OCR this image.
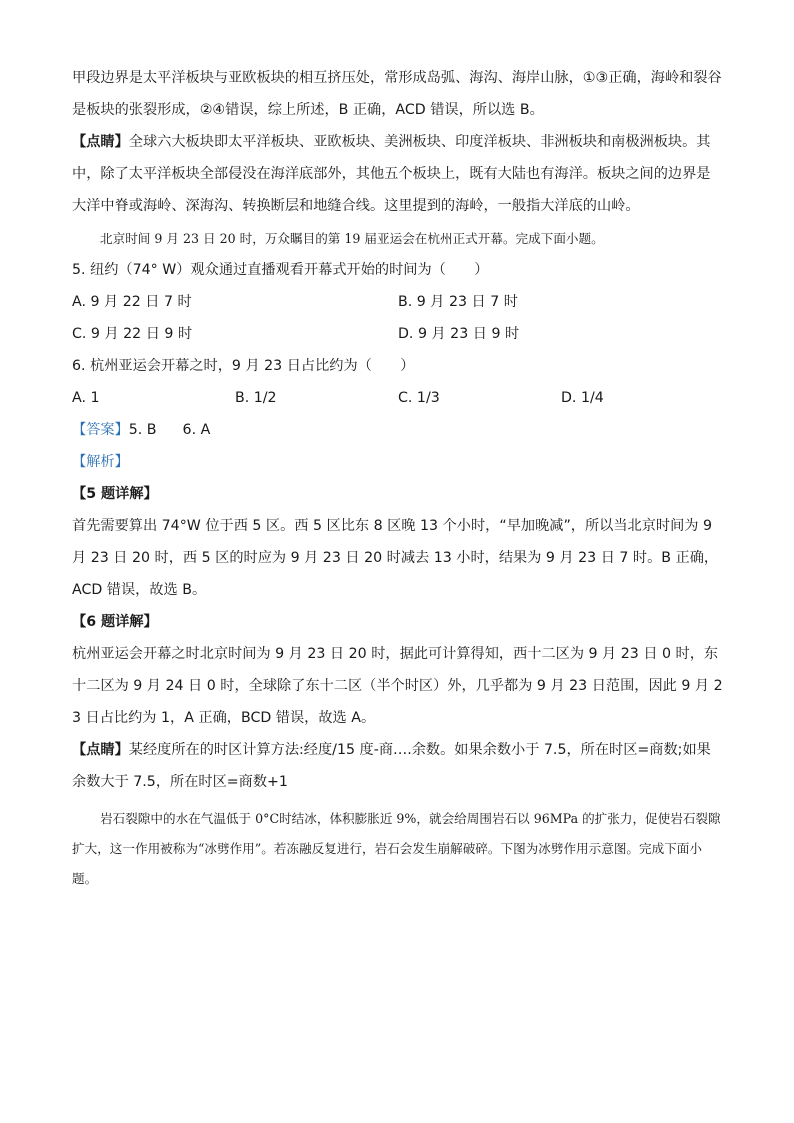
甲段边界是太平洋板块与亚欧板块的相互挤压处，常形成岛弧、海沟、海岸山脉，①③正确，海岭和裂谷
是板块的张裂形成，②④错误，综上所述，B 正确，ACD 错误，所以选 B。

【点睛】全球六大板块即太平洋板块、亚欧板块、美洲板块、印度洋板块、非洲板块和南极洲板块。其中，除了太平洋板块全部侵没在海洋底部外，其他五个板块上，既有大陆也有海洋。板块之间的边界是大洋中脊或海岭、深海沟、转换断层和地缝合线。这里提到的海岭，一般指大洋底的山岭。

北京时间 9 月 23 日 20 时，万众瞩目的第 19 届亚运会在杭州正式开幕。完成下面小题。

5. 纽约（74° W）观众通过直播观看开幕式开始的时间为（　　）

A. 9 月 22 日 7 时	B. 9 月 23 日 7 时
C. 9 月 22 日 9 时	D. 9 月 23 日 9 时

6. 杭州亚运会开幕之时，9 月 23 日占比约为（　　）

A. 1	B. 1/2	C. 1/3	D. 1/4

【答案】5. B 6. A

【解析】

【5 题详解】

首先需要算出 74°W 位于西 5 区。西 5 区比东 8 区晚 13 个小时，“早加晚减”，所以当北京时间为 9 月 23 日 20 时，西 5 区的时应为 9 月 23 日 20 时减去 13 小时，结果为 9 月 23 日 7 时。B 正确，ACD 错误，故选 B。

【6 题详解】

杭州亚运会开幕之时北京时间为 9 月 23 日 20 时，据此可计算得知，西十二区为 9 月 23 日 0 时，东十二区为 9 月 24 日 0 时，全球除了东十二区（半个时区）外，几乎都为 9 月 23 日范围，因此 9 月 23 日占比约为 1，A 正确，BCD 错误，故选 A。

【点睛】某经度所在的时区计算方法:经度/15 度-商….余数。如果余数小于 7.5，所在时区=商数;如果余数大于 7.5，所在时区=商数+1

岩石裂隙中的水在气温低于 0°C时结冰，体积膨胀近 9%，就会给周围岩石以 96MPa 的扩张力，促使岩石裂隙扩大，这一作用被称为“冰劈作用”。若冻融反复进行，岩石会发生崩解破碎。下图为冰劈作用示意图。完成下面小题。
